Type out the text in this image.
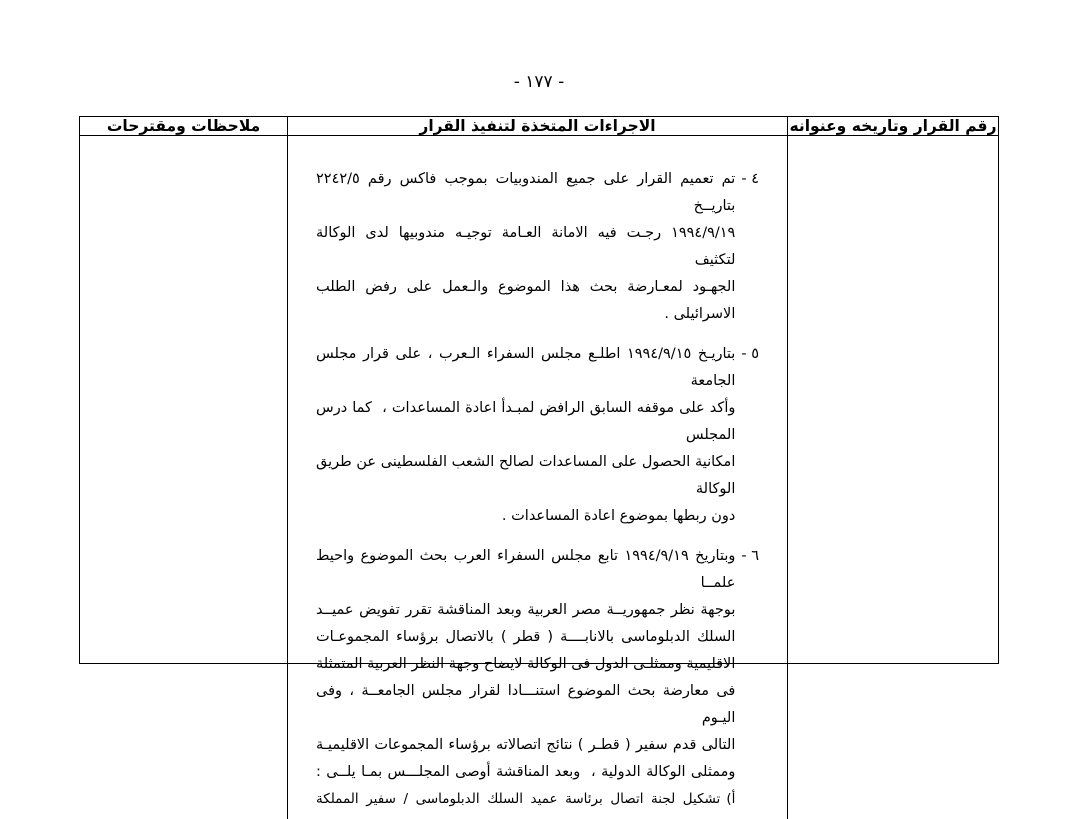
- ١٧٧ -
رقم القرار وتاريخه وعنوانه
الاجراءات المتخذة لتنفيذ القرار
ملاحظات ومقترحات
٤ -
تم تعميم القرار على جميع المندوبيات بموجب فاكس رقم ٢٢٤٢/٥ بتاريــخ
١٩٩٤/٩/١٩ رجـت فيه الامانة العـامة توجيـه مندوبيها لدى الوكالة لتكثيف
الجهـود لمعـارضة بحث هذا الموضوع والـعمل على رفض الطلب الاسرائيلى .
٥ -
بتاريـخ ١٩٩٤/٩/١٥ اطلـع مجلس السفراء الـعرب ، على قرار مجلس الجامعة
وأكد على موقفه السابق الرافض لمبـدأ اعادة المساعدات ،  كما درس المجلس
امكانية الحصول على المساعدات لصالح الشعب الفلسطينى عن طريق الوكالة
دون ربطها بموضوع اعادة المساعدات .
٦ -
وبتاريخ ١٩٩٤/٩/١٩ تابع مجلس السفراء العرب بحث الموضوع واحيط علمــا
بوجهة نظر جمهوريــة مصر العربية وبعد المناقشة تقرر تفويض عميــد
السلك الدبلوماسى بالانابــــة ( قطر ) بالاتصال برؤساء المجموعـات
الاقليمية وممثلـى الدول فى الوكالة لايضاح وجهة النظر العربية المتمثلة
فى معارضة بحث الموضوع استنـــادا لقرار مجلس الجامعــة ، وفى اليـوم
التالى قدم سفير ( قطـر ) نتائج اتصالاته برؤساء المجموعات الاقليميـة
وممثلى الوكالة الدولية ،  وبعد المناقشة أوصى المجلـــس بمـا يلــى :
أ)
تشكيل لجنة اتصال برئاسة عميد السلك الدبلوماسى / سفير المملكة
